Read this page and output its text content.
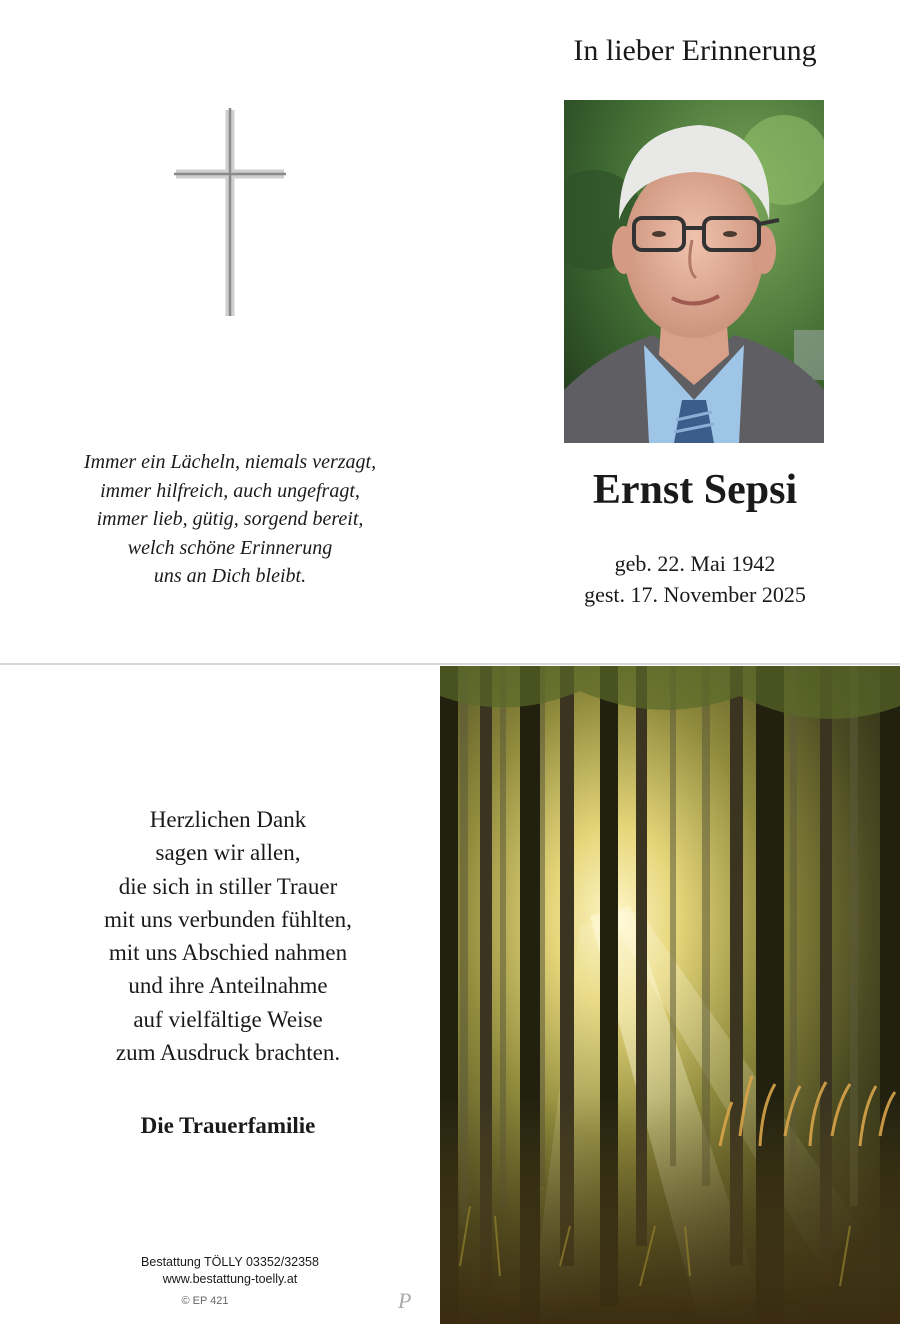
Immer ein Lächeln, niemals verzagt,
immer hilfreich, auch ungefragt,
immer lieb, gütig, sorgend bereit,
welch schöne Erinnerung
uns an Dich bleibt.
In lieber Erinnerung
Ernst Sepsi
geb. 22. Mai 1942
gest. 17. November 2025
Herzlichen Dank
sagen wir allen,
die sich in stiller Trauer
mit uns verbunden fühlten,
mit uns Abschied nahmen
und ihre Anteilnahme
auf vielfältige Weise
zum Ausdruck brachten.
Die Trauerfamilie
Bestattung TÖLLY 03352/32358
www.bestattung-toelly.at
© EP 421	P
